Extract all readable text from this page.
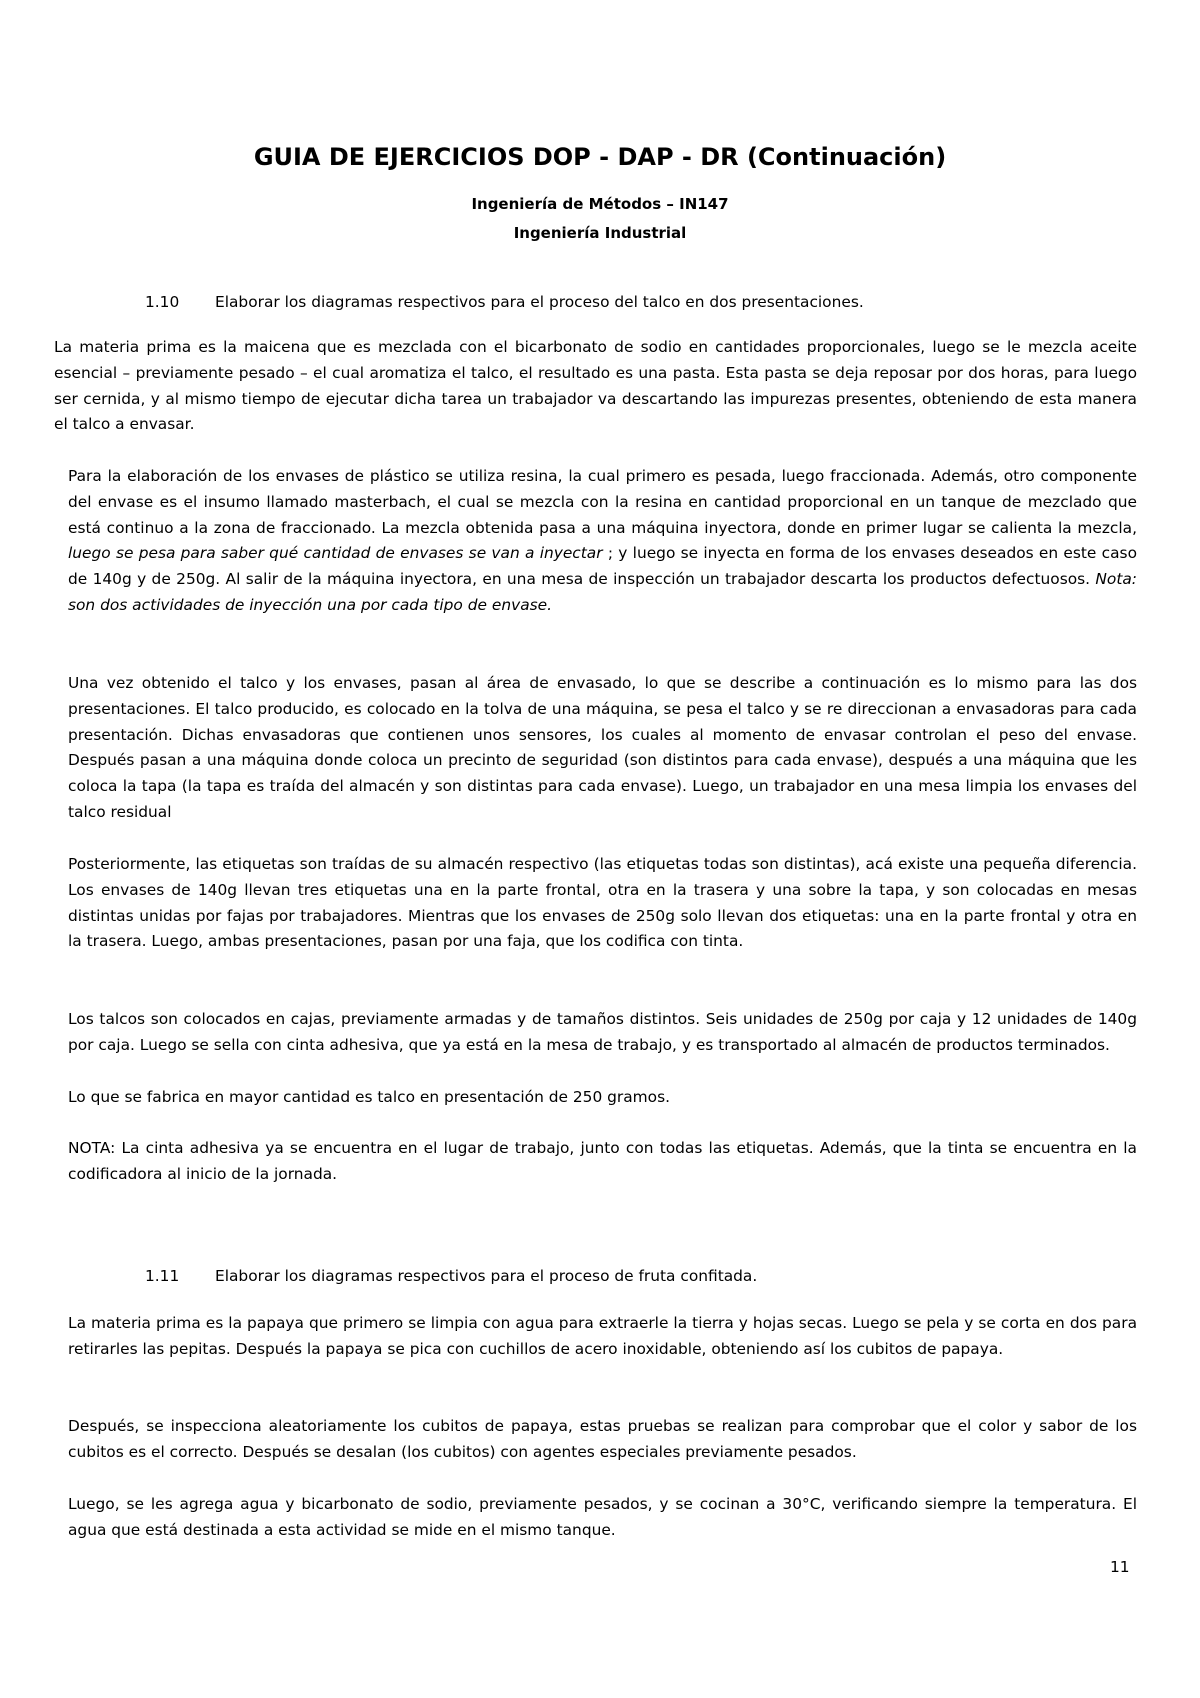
GUIA DE EJERCICIOS DOP - DAP - DR (Continuación)
Ingeniería de Métodos – IN147
Ingeniería Industrial
1.10 Elaborar los diagramas respectivos para el proceso del talco en dos presentaciones.

La materia prima es la maicena que es mezclada con el bicarbonato de sodio en cantidades proporcionales, luego se le mezcla aceite esencial – previamente pesado – el cual aromatiza el talco, el resultado es una pasta. Esta pasta se deja reposar por dos horas, para luego ser cernida, y al mismo tiempo de ejecutar dicha tarea un trabajador va descartando las impurezas presentes, obteniendo de esta manera el talco a envasar.

Para la elaboración de los envases de plástico se utiliza resina, la cual primero es pesada, luego fraccionada. Además, otro componente del envase es el insumo llamado masterbach, el cual se mezcla con la resina en cantidad proporcional en un tanque de mezclado que está continuo a la zona de fraccionado. La mezcla obtenida pasa a una máquina inyectora, donde en primer lugar se calienta la mezcla, luego se pesa para saber qué cantidad de envases se van a inyectar ; y luego se inyecta en forma de los envases deseados en este caso de 140g y de 250g. Al salir de la máquina inyectora, en una mesa de inspección un trabajador descarta los productos defectuosos. Nota: son dos actividades de inyección una por cada tipo de envase.

Una vez obtenido el talco y los envases, pasan al área de envasado, lo que se describe a continuación es lo mismo para las dos presentaciones. El talco producido, es colocado en la tolva de una máquina, se pesa el talco y se re direccionan a envasadoras para cada presentación. Dichas envasadoras que contienen unos sensores, los cuales al momento de envasar controlan el peso del envase. Después pasan a una máquina donde coloca un precinto de seguridad (son distintos para cada envase), después a una máquina que les coloca la tapa (la tapa es traída del almacén y son distintas para cada envase). Luego, un trabajador en una mesa limpia los envases del talco residual

Posteriormente, las etiquetas son traídas de su almacén respectivo (las etiquetas todas son distintas), acá existe una pequeña diferencia. Los envases de 140g llevan tres etiquetas una en la parte frontal, otra en la trasera y una sobre la tapa, y son colocadas en mesas distintas unidas por fajas por trabajadores. Mientras que los envases de 250g solo llevan dos etiquetas: una en la parte frontal y otra en la trasera. Luego, ambas presentaciones, pasan por una faja, que los codifica con tinta.

Los talcos son colocados en cajas, previamente armadas y de tamaños distintos. Seis unidades de 250g por caja y 12 unidades de 140g por caja. Luego se sella con cinta adhesiva, que ya está en la mesa de trabajo, y es transportado al almacén de productos terminados.

Lo que se fabrica en mayor cantidad es talco en presentación de 250 gramos.

NOTA: La cinta adhesiva ya se encuentra en el lugar de trabajo, junto con todas las etiquetas. Además, que la tinta se encuentra en la codificadora al inicio de la jornada.

1.11 Elaborar los diagramas respectivos para el proceso de fruta confitada.

La materia prima es la papaya que primero se limpia con agua para extraerle la tierra y hojas secas. Luego se pela y se corta en dos para retirarles las pepitas. Después la papaya se pica con cuchillos de acero inoxidable, obteniendo así los cubitos de papaya.

Después, se inspecciona aleatoriamente los cubitos de papaya, estas pruebas se realizan para comprobar que el color y sabor de los cubitos es el correcto. Después se desalan (los cubitos) con agentes especiales previamente pesados.

Luego, se les agrega agua y bicarbonato de sodio, previamente pesados, y se cocinan a 30°C, verificando siempre la temperatura. El agua que está destinada a esta actividad se mide en el mismo tanque.

11
